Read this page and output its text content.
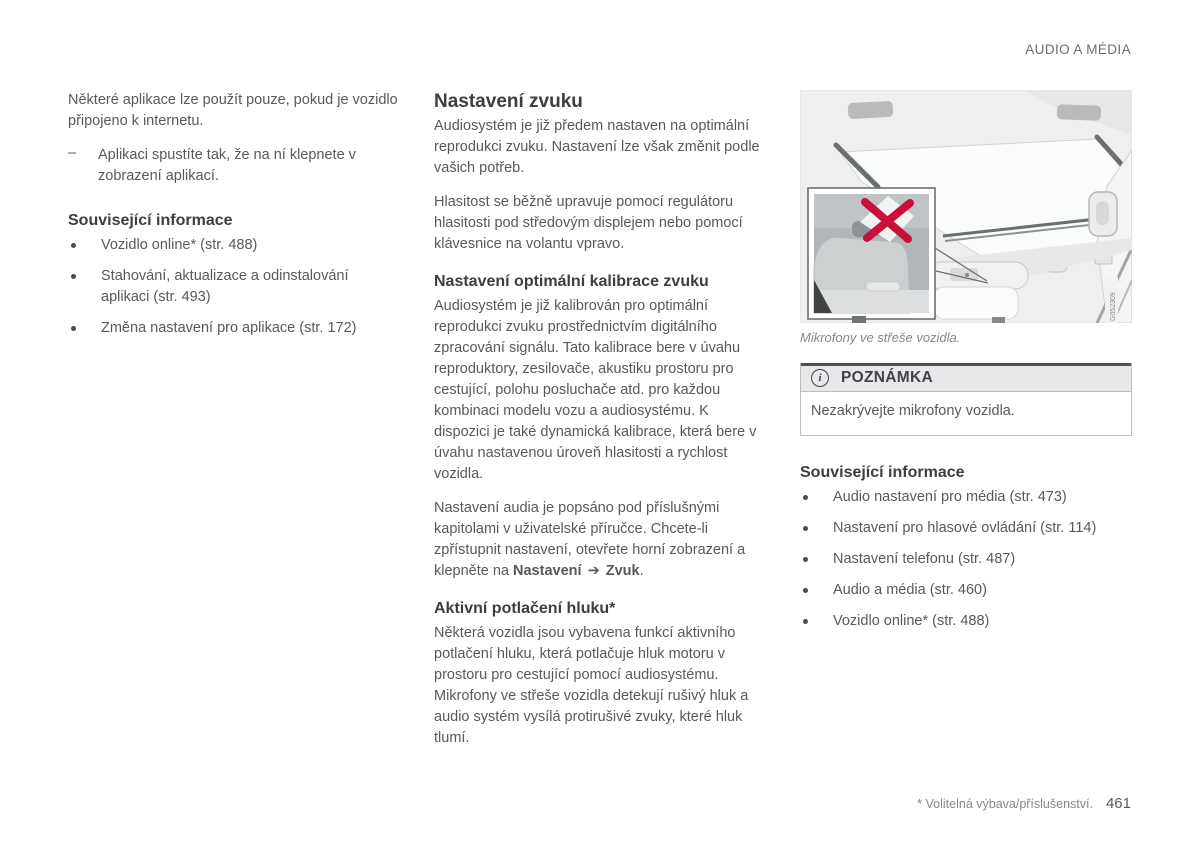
AUDIO A MÉDIA

Některé aplikace lze použít pouze, pokud je vozidlo připojeno k internetu.

–	Aplikaci spustíte tak, že na ní klepnete v zobrazení aplikací.
Související informace
Vozidlo online* (str. 488)
Stahování, aktualizace a odinstalování aplikaci (str. 493)
Změna nastavení pro aplikace (str. 172)
Nastavení zvuku

Audiosystém je již předem nastaven na optimální reprodukci zvuku. Nastavení lze však změnit podle vašich potřeb.

Hlasitost se běžně upravuje pomocí regulátoru hlasitosti pod středovým displejem nebo pomocí klávesnice na volantu vpravo.

Nastavení optimální kalibrace zvuku

Audiosystém je již kalibrován pro optimální reprodukci zvuku prostřednictvím digitálního zpracování signálu. Tato kalibrace bere v úvahu reproduktory, zesilovače, akustiku prostoru pro cestující, polohu posluchače atd. pro každou kombinaci modelu vozu a audiosystému. K dispozici je také dynamická kalibrace, která bere v úvahu nastavenou úroveň hlasitosti a rychlost vozidla.

Nastavení audia je popsáno pod příslušnými kapitolami v uživatelské příručce. Chcete-li zpřístupnit nastavení, otevřete horní zobrazení a klepněte na Nastavení ➔ Zvuk.

Aktivní potlačení hluku*

Některá vozidla jsou vybavena funkcí aktivního potlačení hluku, která potlačuje hluk motoru v prostoru pro cestující pomocí audiosystému. Mikrofony ve střeše vozidla detekují rušivý hluk a audio systém vysílá protirušivé zvuky, které hluk tlumí.

G052309
Mikrofony ve střeše vozidla.
i	POZNÁMKA
Nezakrývejte mikrofony vozidla.
Související informace
Audio nastavení pro média (str. 473)
Nastavení pro hlasové ovládání (str. 114)
Nastavení telefonu (str. 487)
Audio a média (str. 460)
Vozidlo online* (str. 488)
* Volitelná výbava/příslušenství. 461
